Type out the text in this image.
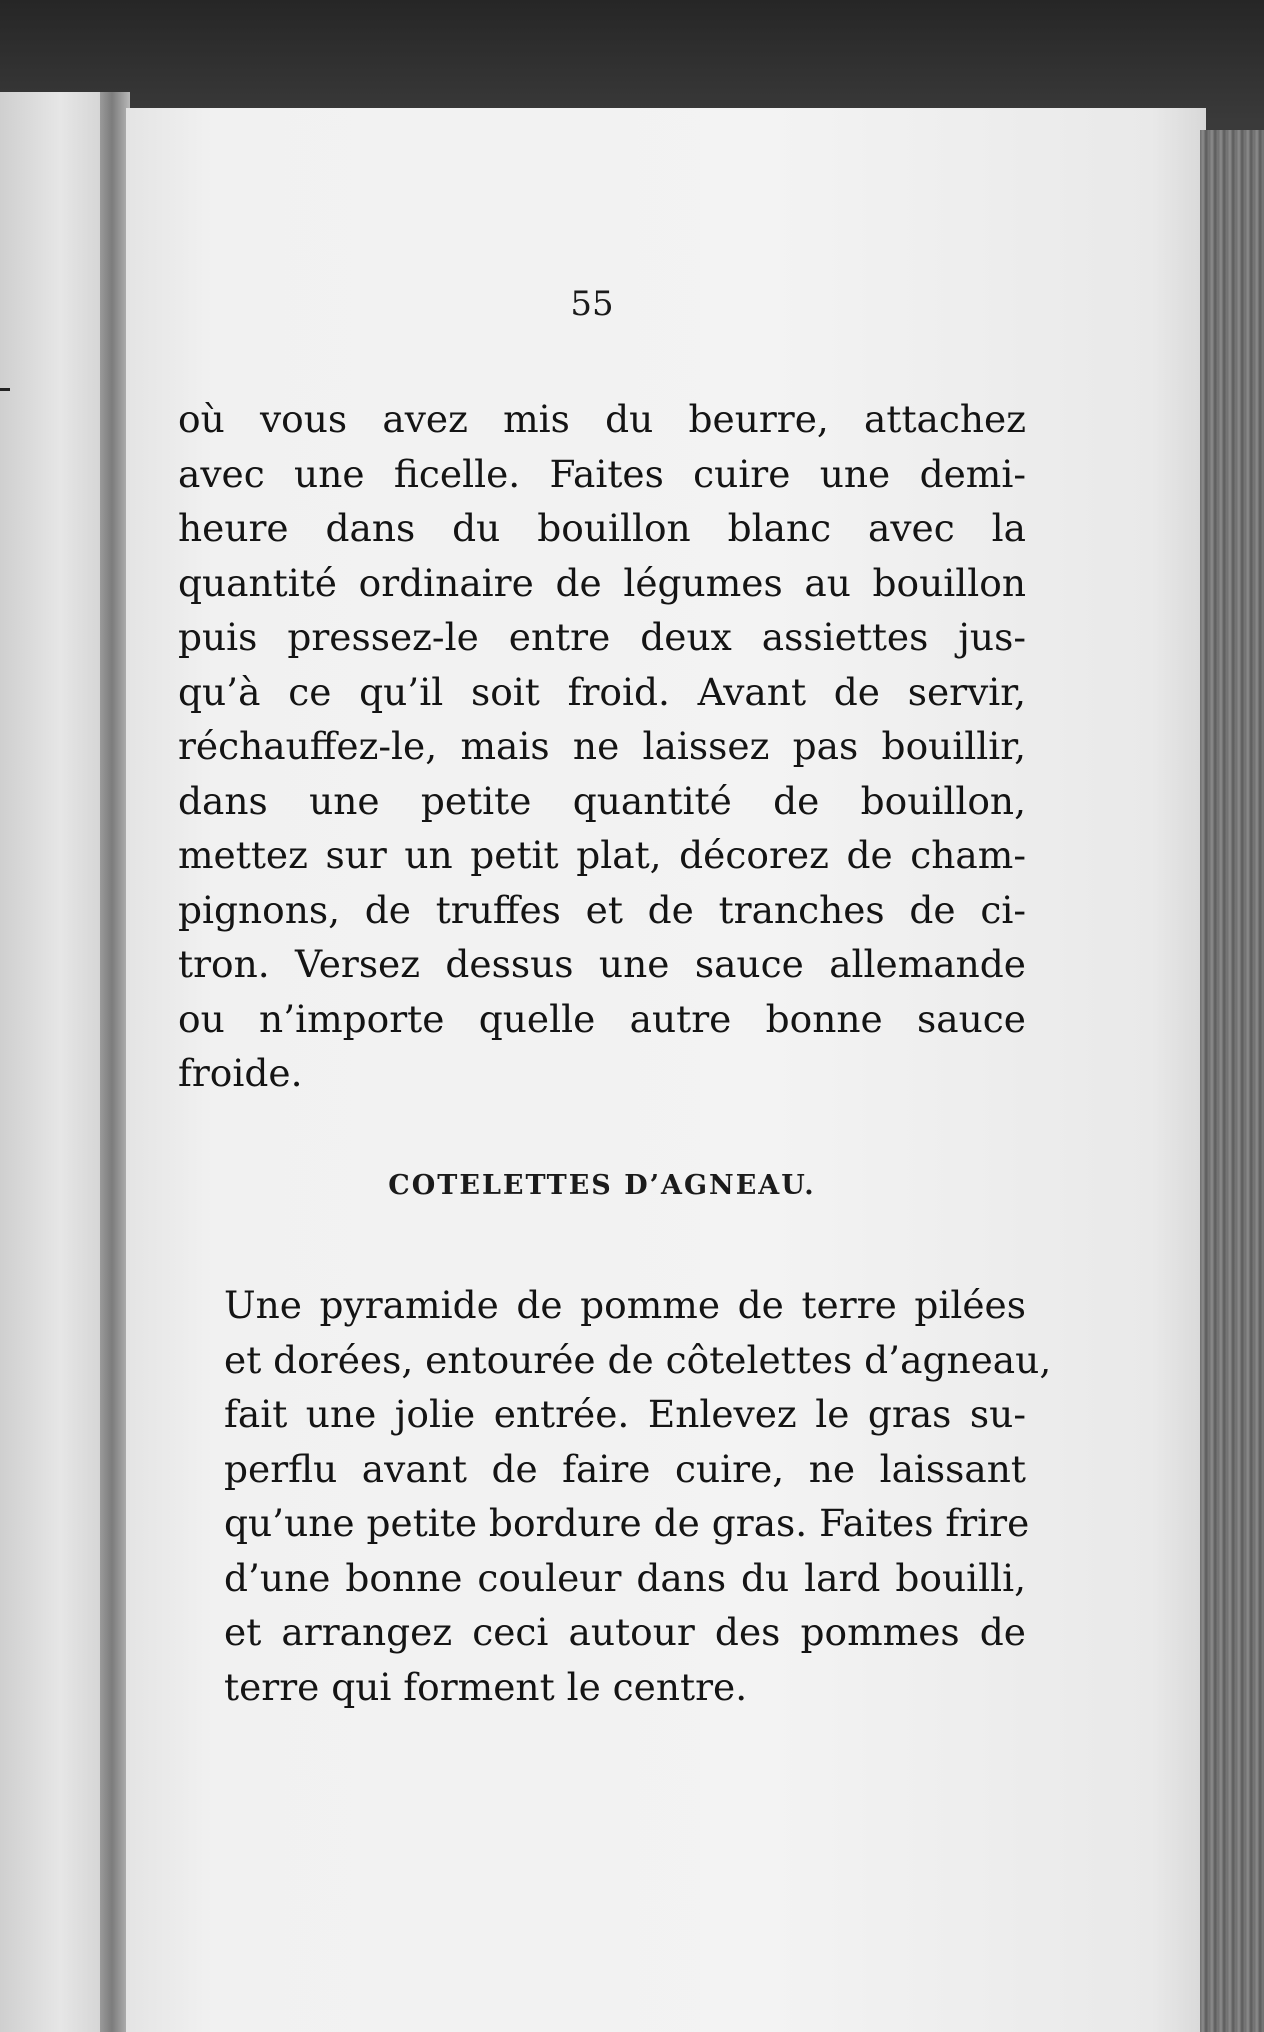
55
où vous avez mis du beurre, attachez
avec une ficelle. Faites cuire une demi-
heure dans du bouillon blanc avec la
quantité ordinaire de légumes au bouillon
puis pressez-le entre deux assiettes jus-
qu’à ce qu’il soit froid. Avant de servir,
réchauffez-le, mais ne laissez pas bouillir,
dans une petite quantité de bouillon,
mettez sur un petit plat, décorez de cham-
pignons, de truffes et de tranches de ci-
tron. Versez dessus une sauce allemande
ou n’importe quelle autre bonne sauce
froide.
COTELETTES D’AGNEAU.
Une pyramide de pomme de terre pilées
et dorées, entourée de côtelettes d’agneau,
fait une jolie entrée. Enlevez le gras su-
perflu avant de faire cuire, ne laissant
qu’une petite bordure de gras. Faites frire
d’une bonne couleur dans du lard bouilli,
et arrangez ceci autour des pommes de
terre qui forment le centre.
